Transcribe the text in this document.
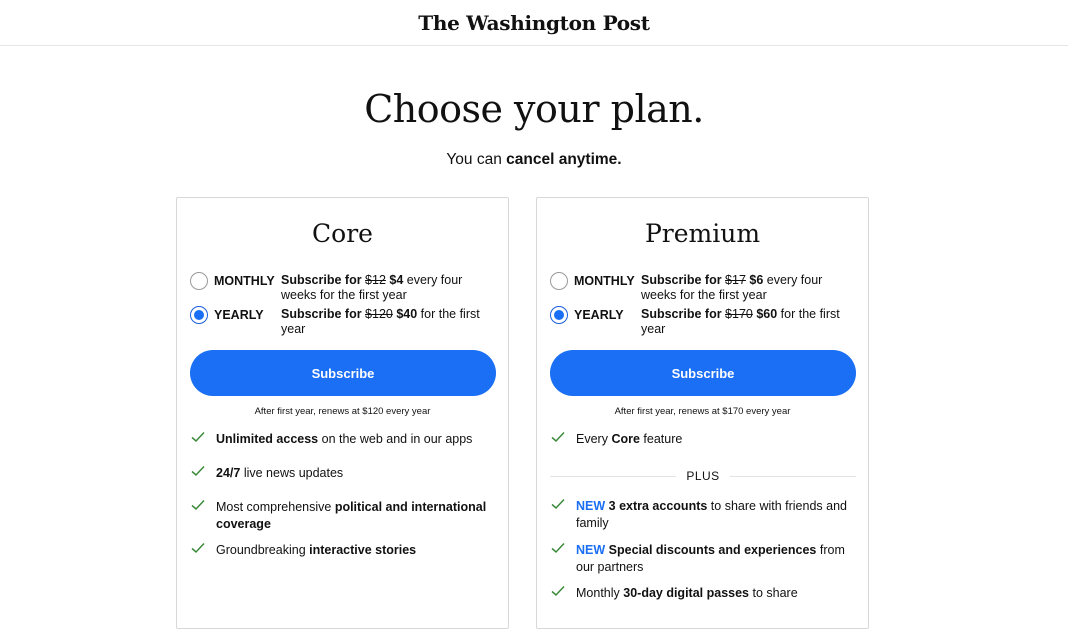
The Washington Post
Choose your plan.
You can cancel anytime.
Core
MONTHLY Subscribe for $12 $4 every four weeks for the first year
YEARLY Subscribe for $120 $40 for the first year
Subscribe
After first year, renews at $120 every year
Unlimited access on the web and in our apps
24/7 live news updates
Most comprehensive political and international coverage
Groundbreaking interactive stories
Premium
MONTHLY Subscribe for $17 $6 every four weeks for the first year
YEARLY Subscribe for $170 $60 for the first year
Subscribe
After first year, renews at $170 every year
Every Core feature
PLUS
NEW 3 extra accounts to share with friends and family
NEW Special discounts and experiences from our partners
Monthly 30-day digital passes to share
